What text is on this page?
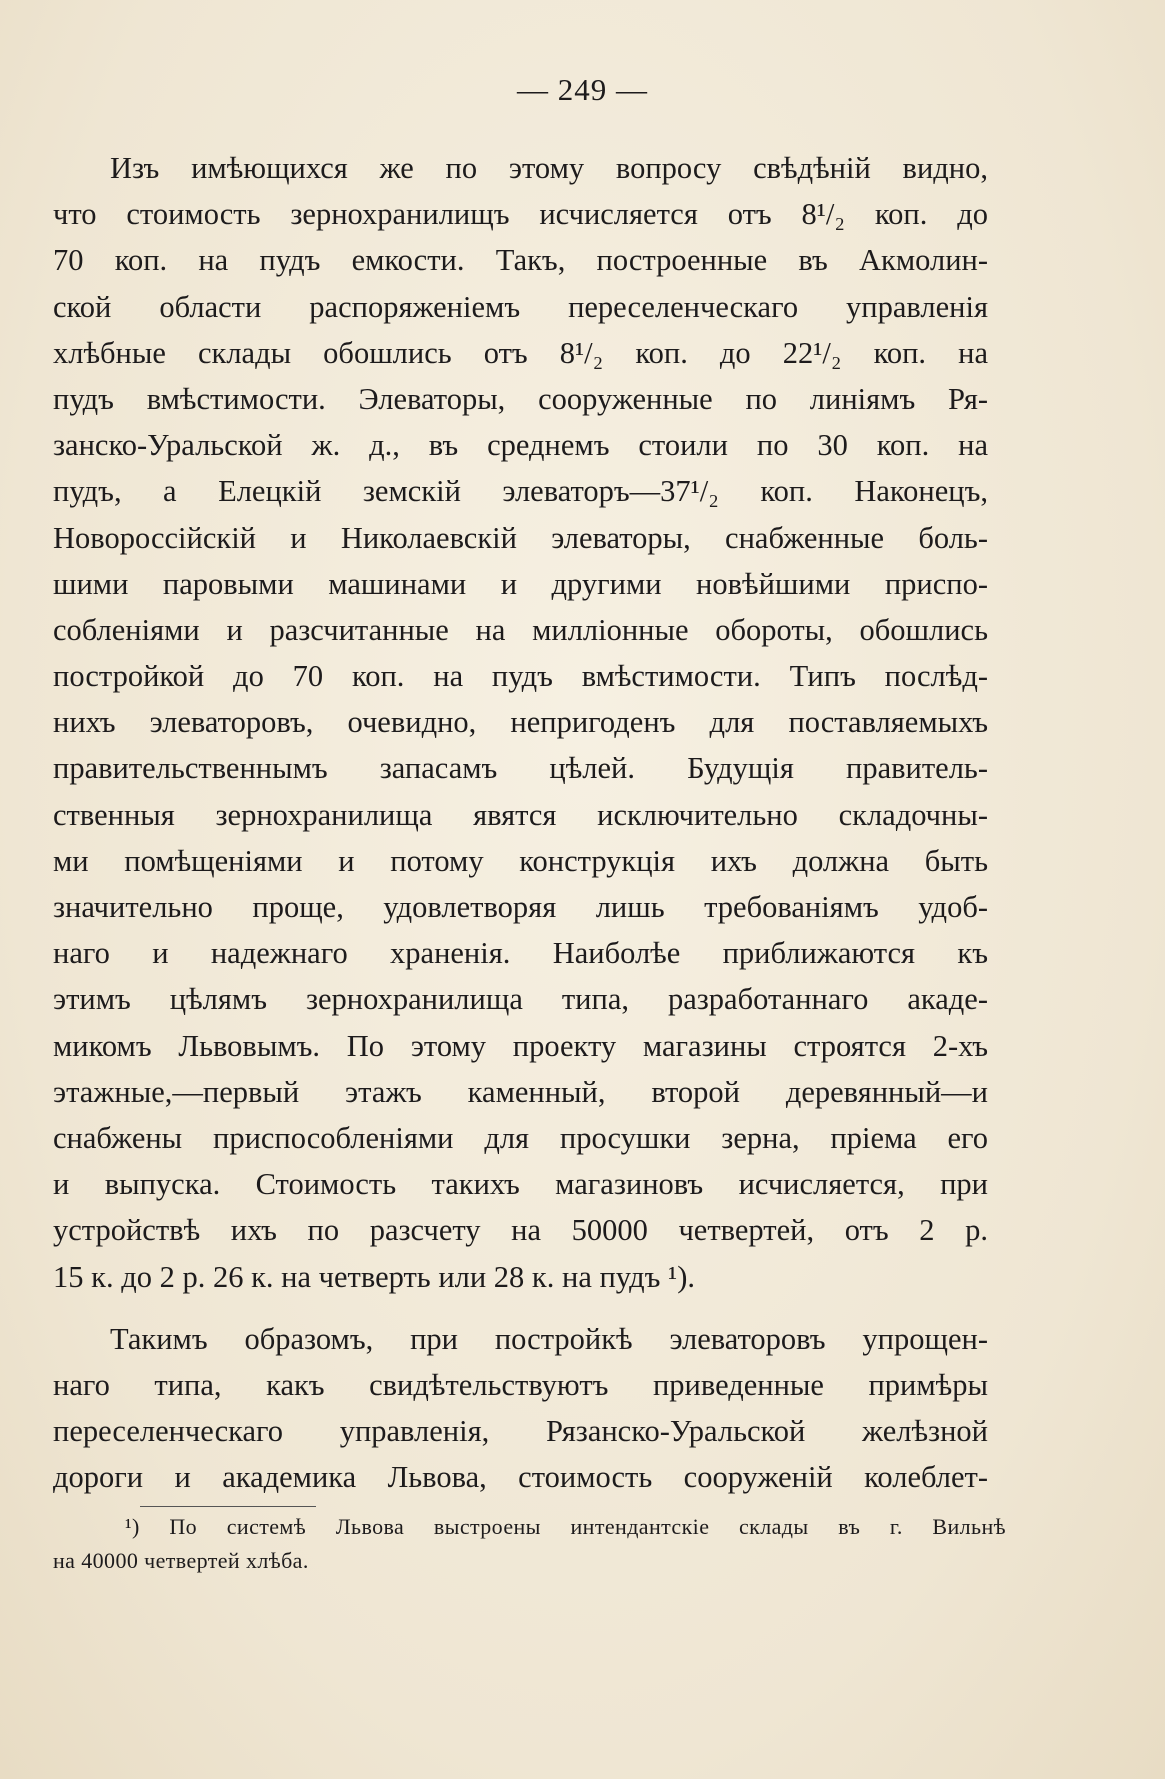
— 249 —
Изъ имѣющихся же по этому вопросу свѣдѣній видно,
что стоимость зернохранилищъ исчисляется отъ 8¹/₂ коп. до
70 коп. на пудъ емкости. Такъ, построенные въ Акмолин-
ской области распоряженіемъ переселенческаго управленія
хлѣбные склады обошлись отъ 8¹/₂ коп. до 22¹/₂ коп. на
пудъ вмѣстимости. Элеваторы, сооруженные по линіямъ Ря-
занско-Уральской ж. д., въ среднемъ стоили по 30 коп. на
пудъ, а Елецкій земскій элеваторъ—37¹/₂ коп. Наконецъ,
Новороссійскій и Николаевскій элеваторы, снабженные боль-
шими паровыми машинами и другими новѣйшими приспо-
собленіями и разсчитанные на милліонные обороты, обошлись
постройкой до 70 коп. на пудъ вмѣстимости. Типъ послѣд-
нихъ элеваторовъ, очевидно, непригоденъ для поставляемыхъ
правительственнымъ запасамъ цѣлей. Будущія правитель-
ственныя зернохранилища явятся исключительно складочны-
ми помѣщеніями и потому конструкція ихъ должна быть
значительно проще, удовлетворяя лишь требованіямъ удоб-
наго и надежнаго храненія. Наиболѣе приближаются къ
этимъ цѣлямъ зернохранилища типа, разработаннаго акаде-
микомъ Львовымъ. По этому проекту магазины строятся 2-хъ
этажные,—первый этажъ каменный, второй деревянный—и
снабжены приспособленіями для просушки зерна, пріема его
и выпуска. Стоимость такихъ магазиновъ исчисляется, при
устройствѣ ихъ по разсчету на 50000 четвертей, отъ 2 р.
15 к. до 2 р. 26 к. на четверть или 28 к. на пудъ ¹).
Такимъ образомъ, при постройкѣ элеваторовъ упрощен-
наго типа, какъ свидѣтельствуютъ приведенные примѣры
переселенческаго управленія, Рязанско-Уральской желѣзной
дороги и академика Львова, стоимость сооруженій колеблет-
¹) По системѣ Львова выстроены интендантскіе склады въ г. Вильнѣ
на 40000 четвертей хлѣба.
